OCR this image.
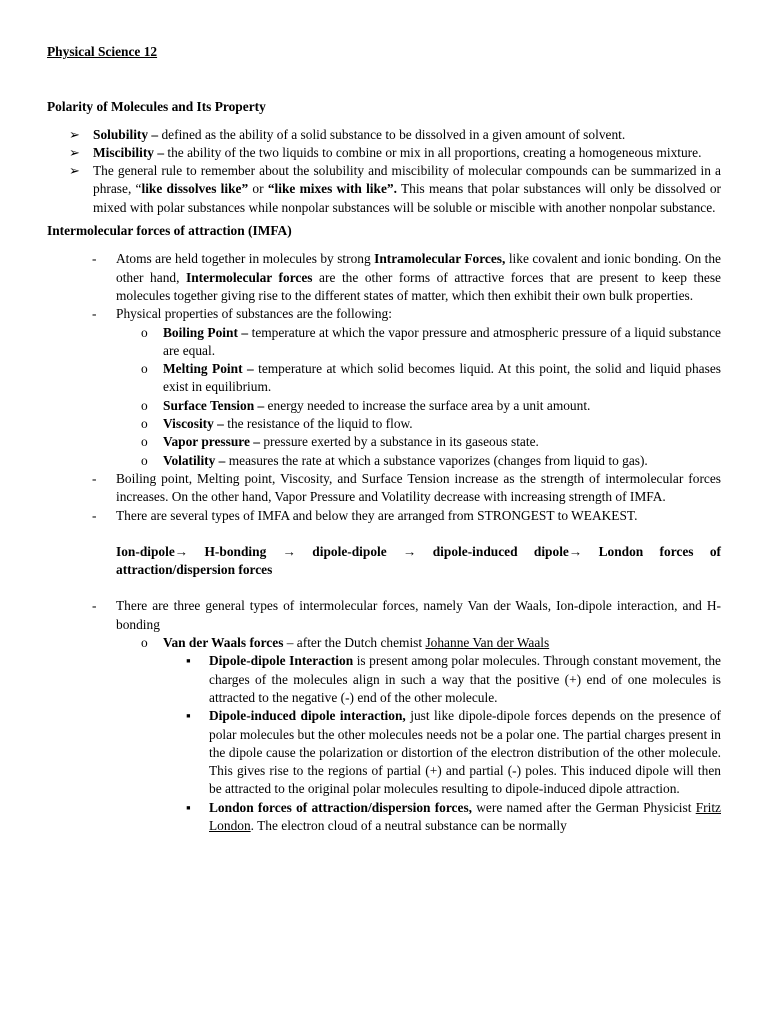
Physical Science 12

Polarity of Molecules and Its Property

➢ Solubility – defined as the ability of a solid substance to be dissolved in a given amount of solvent.
➢ Miscibility – the ability of the two liquids to combine or mix in all proportions, creating a homogeneous mixture.
➢ The general rule to remember about the solubility and miscibility of molecular compounds can be summarized in a phrase, “like dissolves like” or “like mixes with like”. This means that polar substances will only be dissolved or mixed with polar substances while nonpolar substances will be soluble or miscible with another nonpolar substance.

Intermolecular forces of attraction (IMFA)

- Atoms are held together in molecules by strong Intramolecular Forces, like covalent and ionic bonding. On the other hand, Intermolecular forces are the other forms of attractive forces that are present to keep these molecules together giving rise to the different states of matter, which then exhibit their own bulk properties.
- Physical properties of substances are the following:
o Boiling Point – temperature at which the vapor pressure and atmospheric pressure of a liquid substance are equal.
o Melting Point – temperature at which solid becomes liquid. At this point, the solid and liquid phases exist in equilibrium.
o Surface Tension – energy needed to increase the surface area by a unit amount.
o Viscosity – the resistance of the liquid to flow.
o Vapor pressure – pressure exerted by a substance in its gaseous state.
o Volatility – measures the rate at which a substance vaporizes (changes from liquid to gas).
- Boiling point, Melting point, Viscosity, and Surface Tension increase as the strength of intermolecular forces increases. On the other hand, Vapor Pressure and Volatility decrease with increasing strength of IMFA.
- There are several types of IMFA and below they are arranged from STRONGEST to WEAKEST.
Ion-dipole→ H-bonding → dipole-dipole → dipole-induced dipole→ London forces of attraction/dispersion forces
- There are three general types of intermolecular forces, namely Van der Waals, Ion-dipole interaction, and H-bonding
o Van der Waals forces – after the Dutch chemist Johanne Van der Waals
▪ Dipole-dipole Interaction is present among polar molecules. Through constant movement, the charges of the molecules align in such a way that the positive (+) end of one molecules is attracted to the negative (-) end of the other molecule.
▪ Dipole-induced dipole interaction, just like dipole-dipole forces depends on the presence of polar molecules but the other molecules needs not be a polar one. The partial charges present in the dipole cause the polarization or distortion of the electron distribution of the other molecule. This gives rise to the regions of partial (+) and partial (-) poles. This induced dipole will then be attracted to the original polar molecules resulting to dipole-induced dipole attraction.
▪ London forces of attraction/dispersion forces, were named after the German Physicist Fritz London. The electron cloud of a neutral substance can be normally
